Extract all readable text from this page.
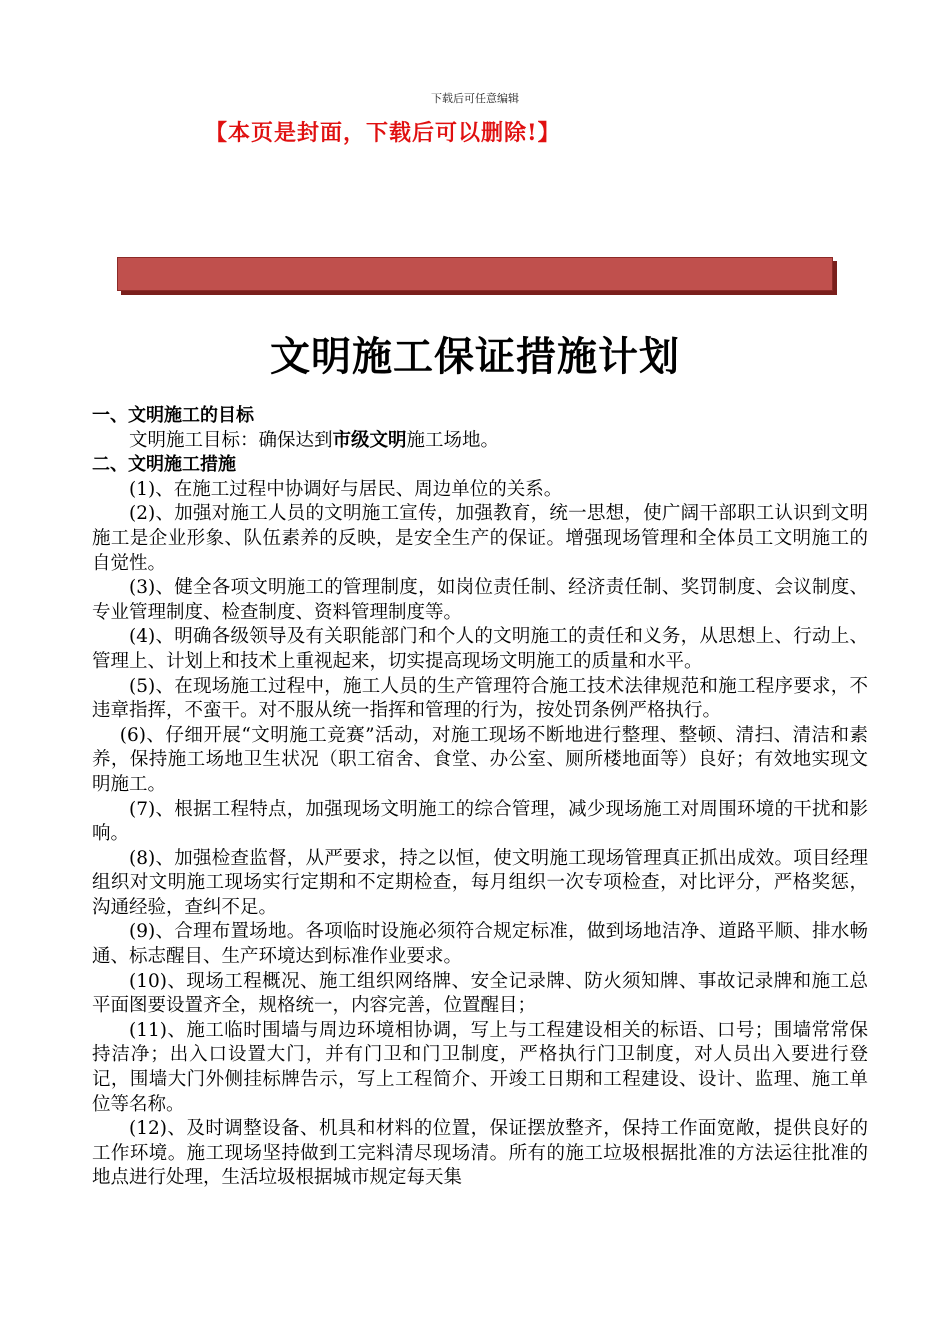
下载后可任意编辑
【本页是封面，下载后可以删除!】
文明施工保证措施计划

一、文明施工的目标

文明施工目标：确保达到市级文明施工场地。

二、文明施工措施

(1)、在施工过程中协调好与居民、周边单位的关系。

(2)、加强对施工人员的文明施工宣传，加强教育，统一思想，使广阔干部职工认识到文明施工是企业形象、队伍素养的反映，是安全生产的保证。增强现场管理和全体员工文明施工的自觉性。

(3)、健全各项文明施工的管理制度，如岗位责任制、经济责任制、奖罚制度、会议制度、专业管理制度、检查制度、资料管理制度等。

(4)、明确各级领导及有关职能部门和个人的文明施工的责任和义务，从思想上、行动上、管理上、计划上和技术上重视起来，切实提高现场文明施工的质量和水平。

(5)、在现场施工过程中，施工人员的生产管理符合施工技术法律规范和施工程序要求，不违章指挥，不蛮干。对不服从统一指挥和管理的行为，按处罚条例严格执行。

(6)、仔细开展“文明施工竞赛”活动，对施工现场不断地进行整理、整顿、清扫、清洁和素养，保持施工场地卫生状况（职工宿舍、食堂、办公室、厕所楼地面等）良好；有效地实现文明施工。

(7)、根据工程特点，加强现场文明施工的综合管理，减少现场施工对周围环境的干扰和影响。

(8)、加强检查监督，从严要求，持之以恒，使文明施工现场管理真正抓出成效。项目经理组织对文明施工现场实行定期和不定期检查，每月组织一次专项检查，对比评分，严格奖惩，沟通经验，查纠不足。

(9)、合理布置场地。各项临时设施必须符合规定标准，做到场地洁净、道路平顺、排水畅通、标志醒目、生产环境达到标准作业要求。

(10)、现场工程概况、施工组织网络牌、安全记录牌、防火须知牌、事故记录牌和施工总平面图要设置齐全，规格统一，内容完善，位置醒目；

(11)、施工临时围墙与周边环境相协调，写上与工程建设相关的标语、口号；围墙常常保持洁净；出入口设置大门，并有门卫和门卫制度，严格执行门卫制度，对人员出入要进行登记，围墙大门外侧挂标牌告示，写上工程简介、开竣工日期和工程建设、设计、监理、施工单位等名称。

(12)、及时调整设备、机具和材料的位置，保证摆放整齐，保持工作面宽敞，提供良好的工作环境。施工现场坚持做到工完料清尽现场清。所有的施工垃圾根据批准的方法运往批准的地点进行处理，生活垃圾根据城市规定每天集
